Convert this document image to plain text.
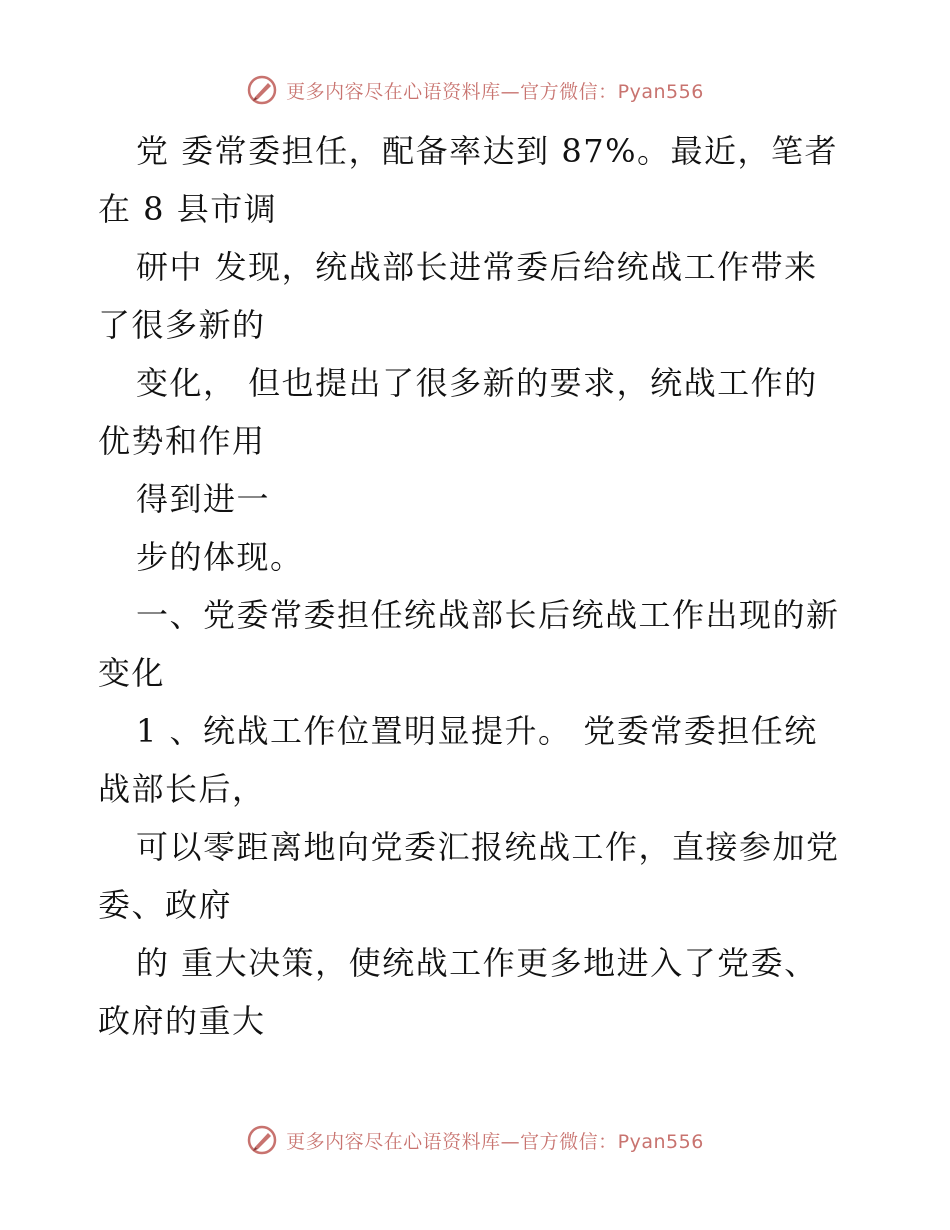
更多内容尽在心语资料库—官方微信：Pyan556
党 委常委担任，配备率达到 87%。最近，笔者
在 8 县市调
研中 发现，统战部长进常委后给统战工作带来
了很多新的
变化， 但也提出了很多新的要求，统战工作的
优势和作用
得到进一
步的体现。
一、党委常委担任统战部长后统战工作出现的新
变化
1 、统战工作位置明显提升。 党委常委担任统
战部长后，
可以零距离地向党委汇报统战工作，直接参加党
委、政府
的 重大决策，使统战工作更多地进入了党委、
政府的重大
更多内容尽在心语资料库—官方微信：Pyan556
